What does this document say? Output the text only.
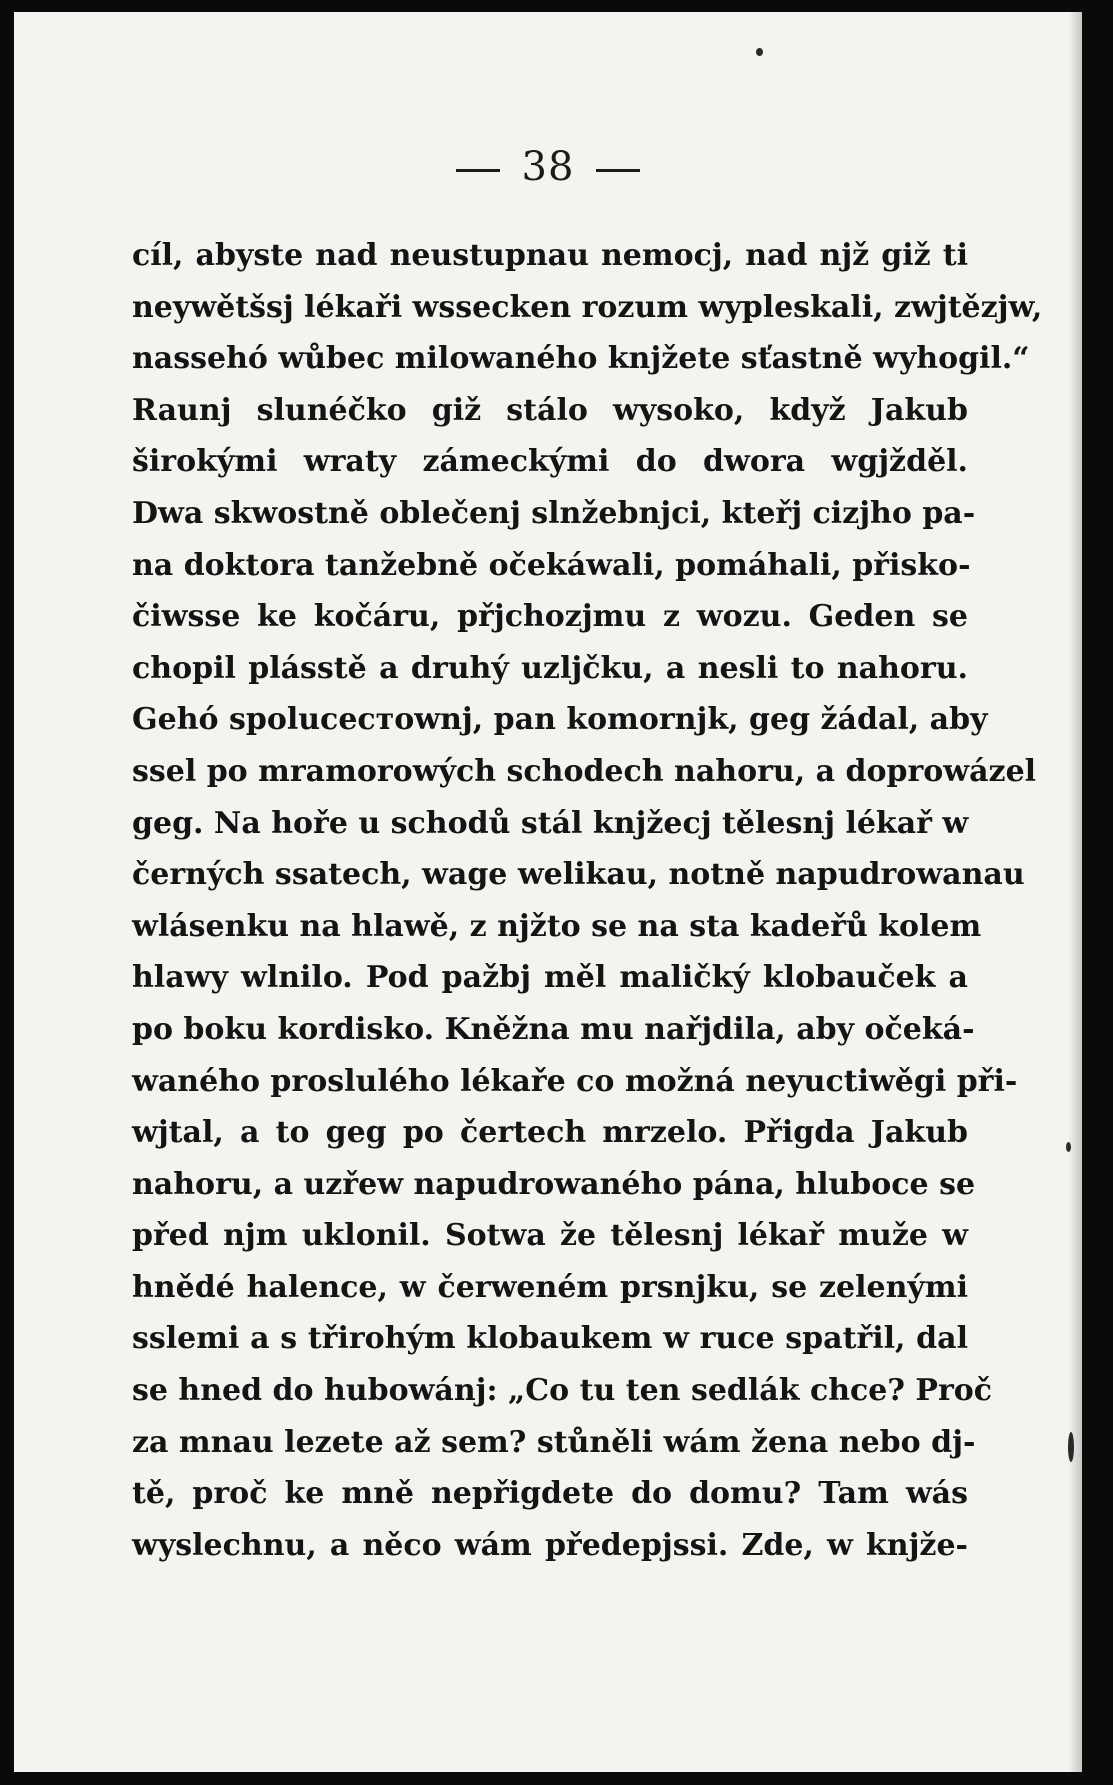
38
cíl, abyste nad neustupnau nemocj, nad njž giž ti
neywětšsj lékaři wssecken rozum wypleskali, zwjtězjw,
nassehó wůbec milowaného knjžete sťastně wyhogil.“
Raunj slunéčko giž stálo wysoko, když Jakub
širokými wraty zámeckými do dwora wgjžděl.
Dwa skwostně oblečenj slnžebnjci, kteřj cizjho pa-
na doktora tanžebně očekáwali, pomáhali, přisko-
čiwsse ke kočáru, přjchozjmu z wozu. Geden se
chopil plásstě a druhý uzljčku, a nesli to nahoru.
Gehó spoluceстownj, pan komornjk, geg žádal, aby
ssel po mramorowých schodech nahoru, a doprowázel
geg. Na hoře u schodů stál knjžecj tělesnj lékař w
černých ssatech, wage welikau, notně napudrowanau
wlásenku na hlawě, z njžto se na sta kadeřů kolem
hlawy wlnilo. Pod pažbj měl maličký klobauček a
po boku kordisko. Kněžna mu nařjdila, aby očeká-
waného proslulého lékaře co možná neyuctiwěgi při-
wjtal, a to geg po čertech mrzelo. Přigda Jakub
nahoru, a uzřew napudrowaného pána, hluboce se
před njm uklonil. Sotwa že tělesnj lékař muže w
hnědé halence, w čerweném prsnjku, se zelenými
sslemi a s třirohým klobaukem w ruce spatřil, dal
se hned do hubowánj: „Co tu ten sedlák chce? Proč
za mnau lezete až sem? stůněli wám žena nebo dj-
tě, proč ke mně nepřigdete do domu? Tam wás
wyslechnu, a něco wám předepjssi. Zde, w knjže-
